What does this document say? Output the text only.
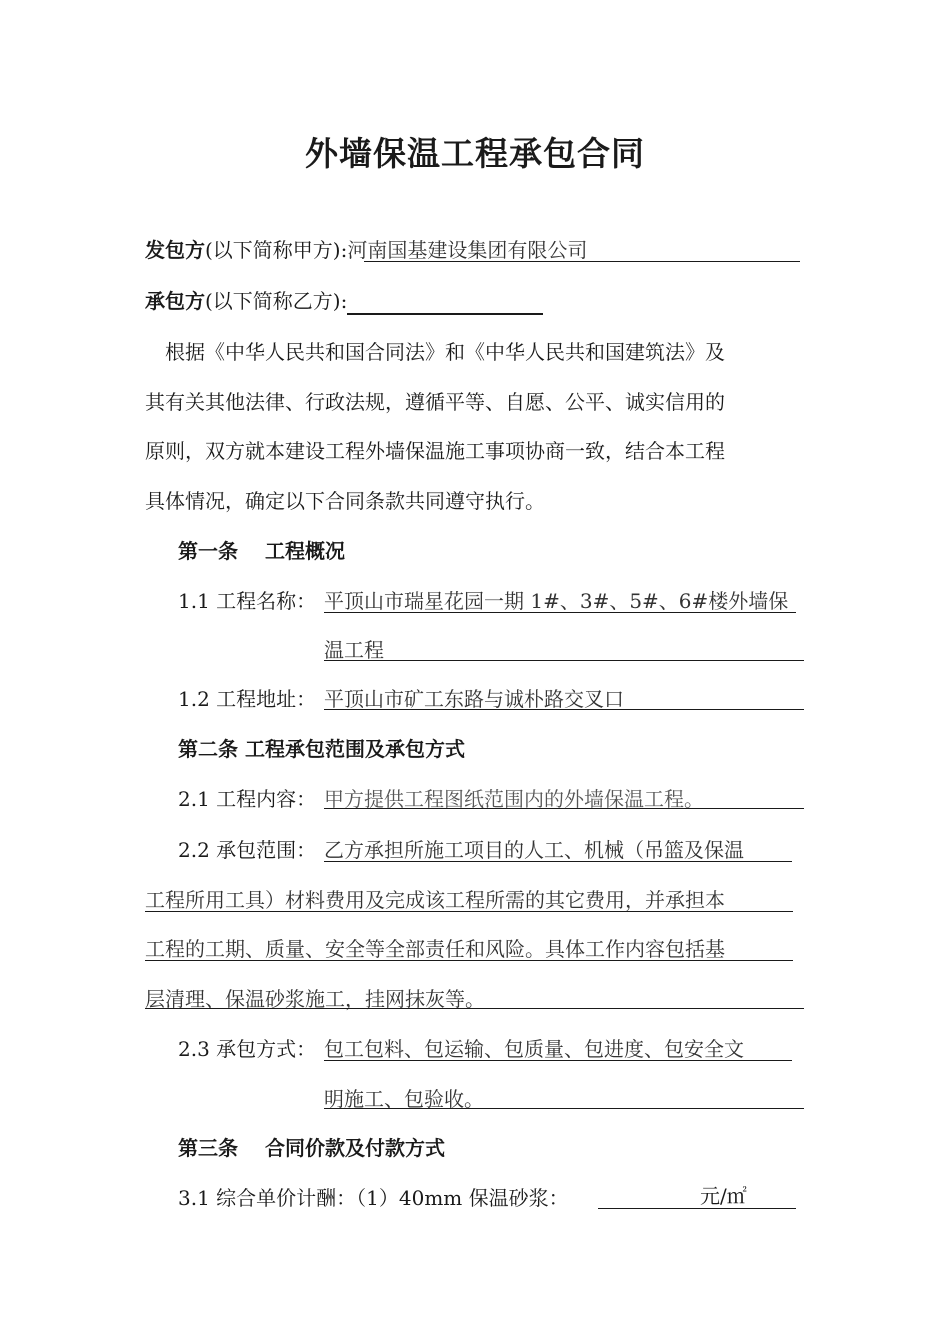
外墙保温工程承包合同
发包方(以下简称甲方):河南国基建设集团有限公司
承包方(以下简称乙方):
根据《中华人民共和国合同法》和《中华人民共和国建筑法》及
其有关其他法律、行政法规，遵循平等、自愿、公平、诚实信用的
原则，双方就本建设工程外墙保温施工事项协商一致，结合本工程
具体情况，确定以下合同条款共同遵守执行。
第一条　 工程概况
1.1 工程名称： 平顶山市瑞星花园一期 1#、3#、5#、6#楼外墙保
温工程
1.2 工程地址： 平顶山市矿工东路与诚朴路交叉口
第二条 工程承包范围及承包方式
2.1 工程内容： 甲方提供工程图纸范围内的外墙保温工程。
2.2 承包范围： 乙方承担所施工项目的人工、机械（吊篮及保温
工程所用工具）材料费用及完成该工程所需的其它费用，并承担本
工程的工期、质量、安全等全部责任和风险。具体工作内容包括基
层清理、保温砂浆施工，挂网抹灰等。
2.3 承包方式： 包工包料、包运输、包质量、包进度、包安全文
明施工、包验收。
第三条　 合同价款及付款方式
3.1 综合单价计酬：（1）40mm 保温砂浆：	元/㎡
